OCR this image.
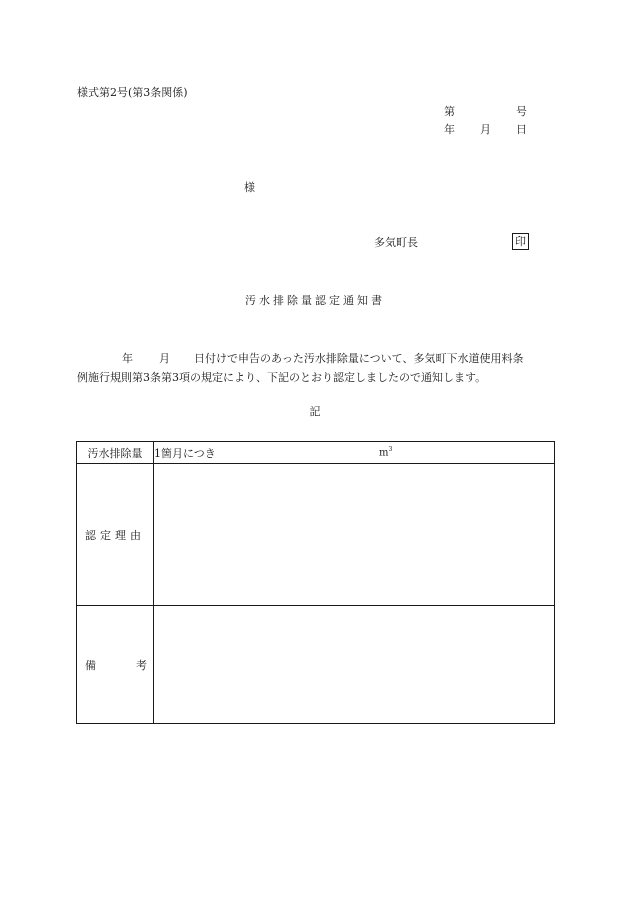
様式第2号(第3条関係)
第	号
年 月 日
様
多気町長	印
汚水排除量認定通知書
年 月 日付けで申告のあった汚水排除量について、多気町下水道使用料条
例施行規則第3条第3項の規定により、下記のとおり認定しましたので通知します。
記
汚水排除量	1箇月につき $m^3$

認定理由	

備 考	
